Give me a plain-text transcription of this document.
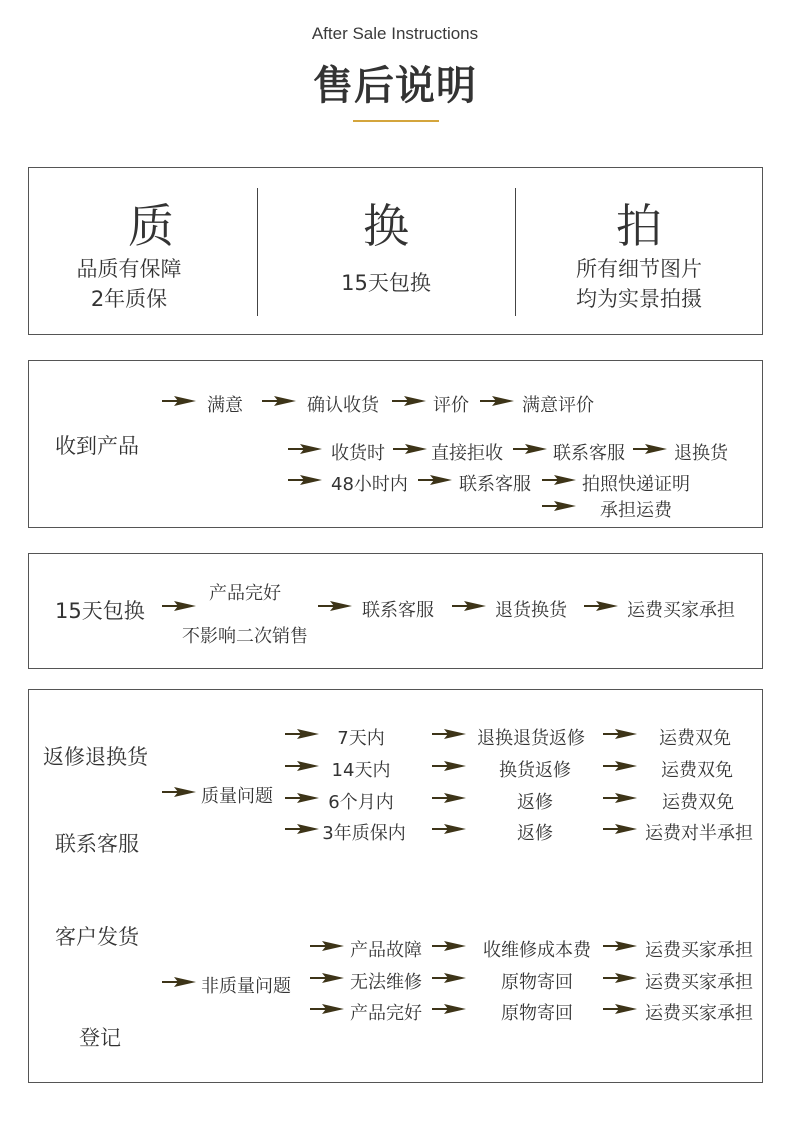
After Sale Instructions
售后说明
质
品质有保障
2年质保
换
15天包换
拍
所有细节图片
均为实景拍摄
收到产品
满意	确认收货	评价	满意评价
收货时	直接拒收	联系客服	退换货
48小时内	联系客服	拍照快递证明
承担运费
15天包换
产品完好
不影响二次销售
联系客服	退货换货	运费买家承担
返修退换货
联系客服
客户发货
登记
质量问题
7天内	退换退货返修	运费双免
14天内	换货返修	运费双免
6个月内	返修	运费双免
3年质保内	返修	运费对半承担
非质量问题
产品故障	收维修成本费	运费买家承担
无法维修	原物寄回	运费买家承担
产品完好	原物寄回	运费买家承担
